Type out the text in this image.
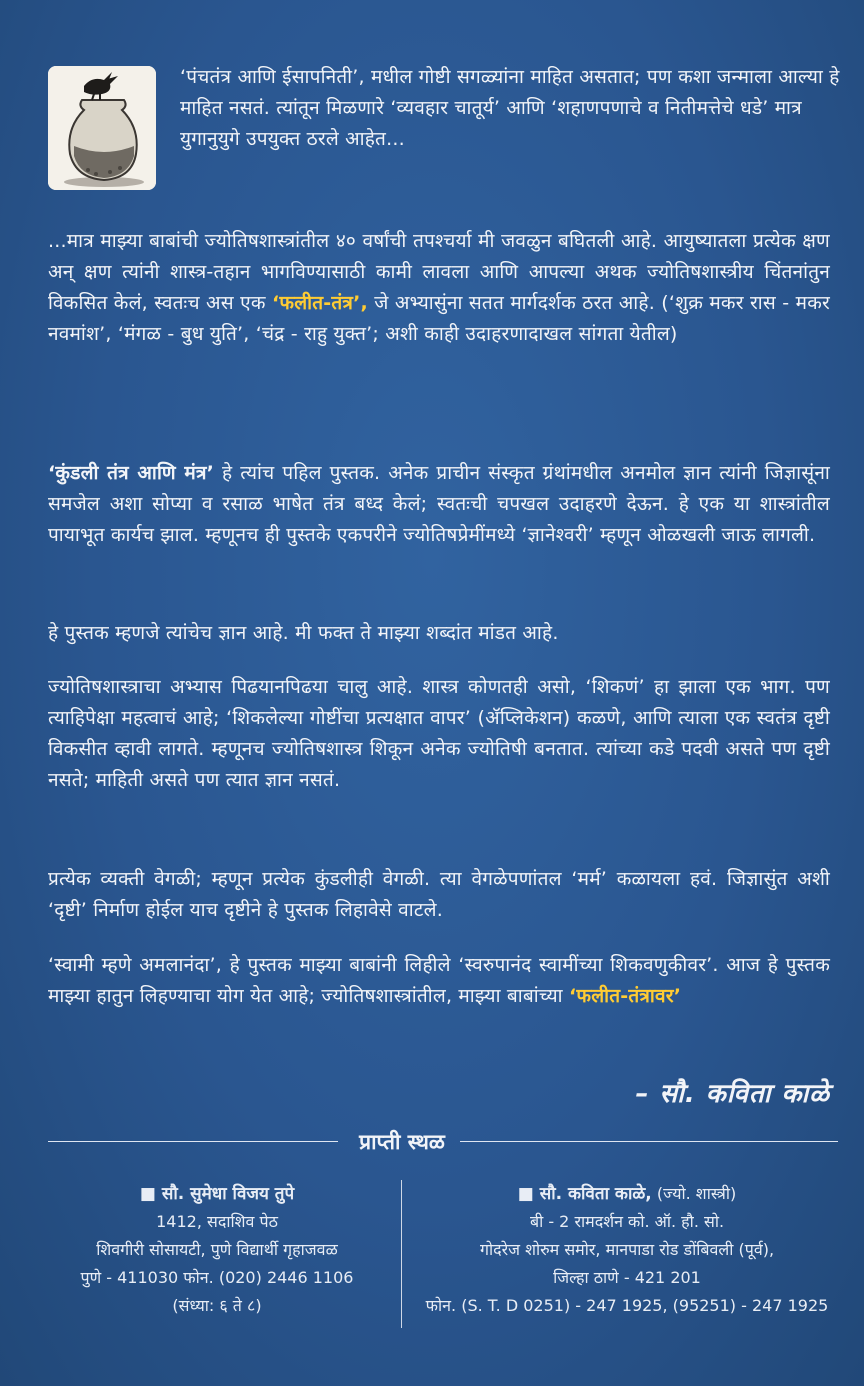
‘पंचतंत्र आणि ईसापनिती’, मधील गोष्टी सगळ्यांना माहित असतात; पण कशा जन्माला आल्या हे माहित नसतं. त्यांतून मिळणारे ‘व्यवहार चातूर्य’ आणि ‘शहाणपणाचे व नितीमत्तेचे धडे’ मात्र युगानुयुगे उपयुक्त ठरले आहेत...
...मात्र माझ्या बाबांची ज्योतिषशास्त्रांतील ४० वर्षांची तपश्चर्या मी जवळुन बघितली आहे. आयुष्यातला प्रत्येक क्षण अन् क्षण त्यांनी शास्त्र-तहान भागविण्यासाठी कामी लावला आणि आपल्या अथक ज्योतिषशास्त्रीय चिंतनांतुन विकसित केलं, स्वतःच अस एक ‘फलीत-तंत्र’, जे अभ्यासुंना सतत मार्गदर्शक ठरत आहे. (‘शुक्र मकर रास - मकर नवमांश’, ‘मंगळ - बुध युति’, ‘चंद्र - राहु युक्त’; अशी काही उदाहरणादाखल सांगता येतील)
‘कुंडली तंत्र आणि मंत्र’ हे त्यांच पहिल पुस्तक. अनेक प्राचीन संस्कृत ग्रंथांमधील अनमोल ज्ञान त्यांनी जिज्ञासूंना समजेल अशा सोप्या व रसाळ भाषेत तंत्र बध्द केलं; स्वतःची चपखल उदाहरणे देऊन. हे एक या शास्त्रांतील पायाभूत कार्यच झाल. म्हणूनच ही पुस्तके एकपरीने ज्योतिषप्रेमींमध्ये ‘ज्ञानेश्वरी’ म्हणून ओळखली जाऊ लागली.
हे पुस्तक म्हणजे त्यांचेच ज्ञान आहे. मी फक्त ते माझ्या शब्दांत मांडत आहे.
ज्योतिषशास्त्राचा अभ्यास पिढयानपिढया चालु आहे. शास्त्र कोणतही असो, ‘शिकणं’ हा झाला एक भाग. पण त्याहिपेक्षा महत्वाचं आहे; ‘शिकलेल्या गोष्टींचा प्रत्यक्षात वापर’ (ॲप्लिकेशन) कळणे, आणि त्याला एक स्वतंत्र दृष्टी विकसीत व्हावी लागते. म्हणूनच ज्योतिषशास्त्र शिकून अनेक ज्योतिषी बनतात. त्यांच्या कडे पदवी असते पण दृष्टी नसते; माहिती असते पण त्यात ज्ञान नसतं.
प्रत्येक व्यक्ती वेगळी; म्हणून प्रत्येक कुंडलीही वेगळी. त्या वेगळेपणांतल ‘मर्म’ कळायला हवं. जिज्ञासुंत अशी ‘दृष्टी’ निर्माण होईल याच दृष्टीने हे पुस्तक लिहावेसे वाटले.
‘स्वामी म्हणे अमलानंदा’, हे पुस्तक माझ्या बाबांनी लिहीले ‘स्वरुपानंद स्वामींच्या शिकवणुकीवर’. आज हे पुस्तक माझ्या हातुन लिहण्याचा योग येत आहे; ज्योतिषशास्त्रांतील, माझ्या बाबांच्या ‘फलीत-तंत्रावर’
– सौ. कविता काळे
प्राप्ती स्थळ
■ सौ. सुमेधा विजय तुपे
1412, सदाशिव पेठ
शिवगीरी सोसायटी, पुणे विद्यार्थी गृहाजवळ
पुणे - 411030 फोन. (020) 2446 1106
(संध्या: ६ ते ८)
■ सौ. कविता काळे, (ज्यो. शास्त्री)
बी - 2 रामदर्शन को. ऑ. हौ. सो.
गोदरेज शोरुम समोर, मानपाडा रोड डोंबिवली (पूर्व),
जिल्हा ठाणे - 421 201
फोन. (S. T. D 0251) - 247 1925, (95251) - 247 1925
